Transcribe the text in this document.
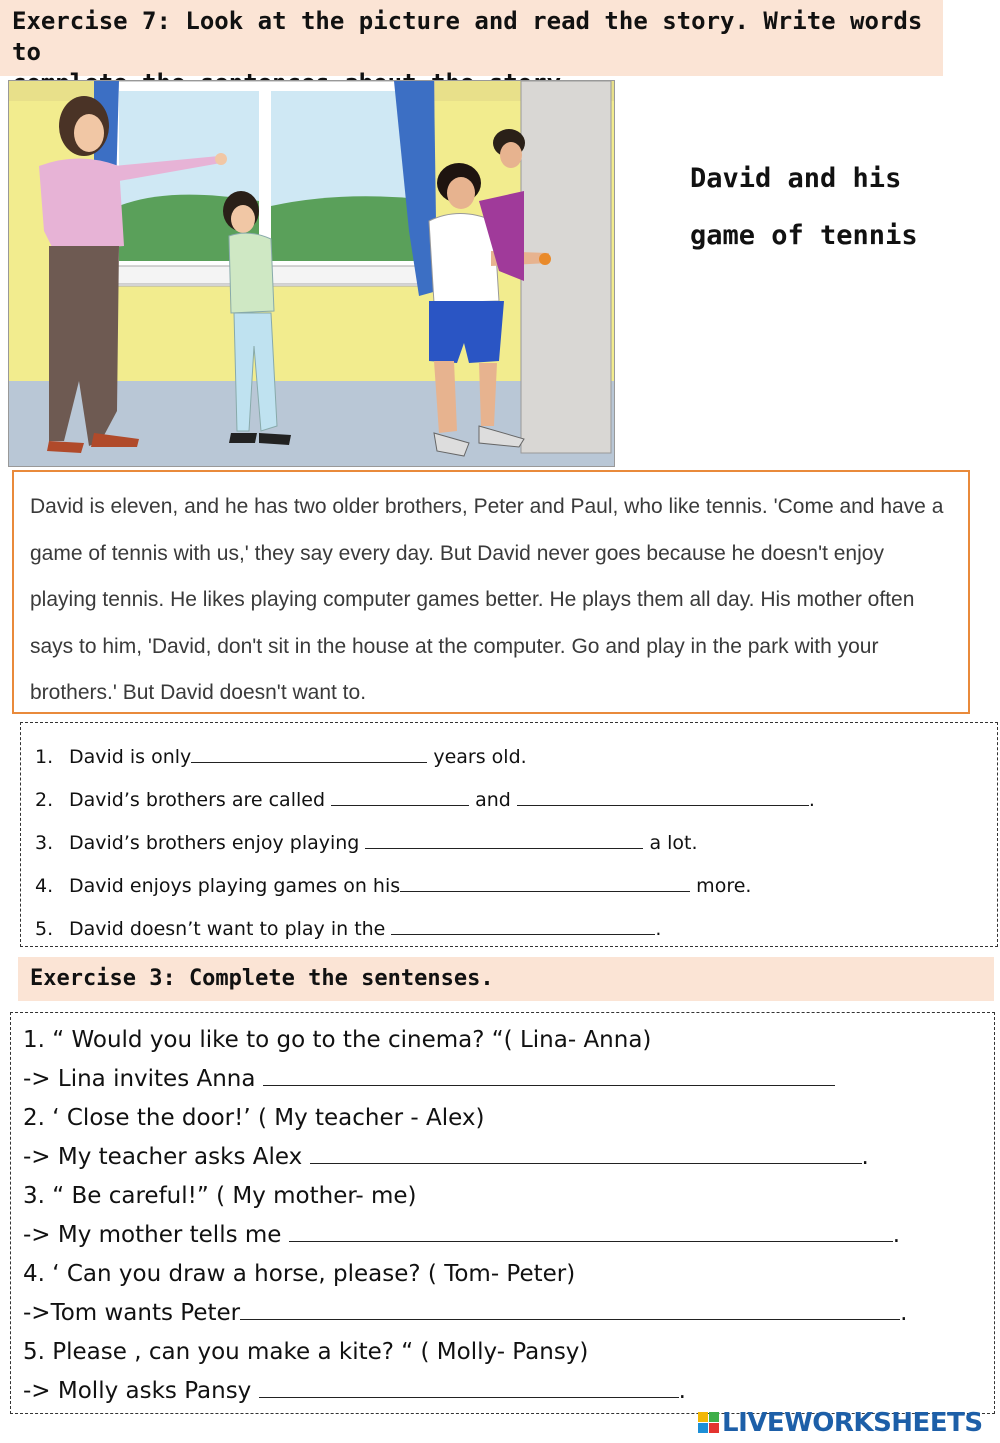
Exercise 7: Look at the picture and read the story. Write words to
David and his
game of tennis

David is eleven, and he has two older brothers, Peter and Paul, who like tennis. 'Come and have a game of tennis with us,' they say every day. But David never goes because he doesn't enjoy playing tennis. He likes playing computer games better. He plays them all day. His mother often says to him, 'David, don't sit in the house at the computer. Go and play in the park with your brothers.' But David doesn't want to.

1. David is only	years old.
2. David’s brothers are called	and	.
3. David’s brothers enjoy playing	a lot.
4. David enjoys playing games on his	more.
5. David doesn’t want to play in the	.
Exercise 3: Complete the sentenses.
1. “ Would you like to go to the cinema? “( Lina- Anna)
-> Lina invites Anna
2. ‘ Close the door!’ ( My teacher - Alex)
-> My teacher asks Alex	.
3. “ Be careful!” ( My mother- me)
-> My mother tells me	.
4. ‘ Can you draw a horse, please? ( Tom- Peter)
->Tom wants Peter	.
5. Please , can you make a kite? “ ( Molly- Pansy)
-> Molly asks Pansy	.
LIVEWORKSHEETS
